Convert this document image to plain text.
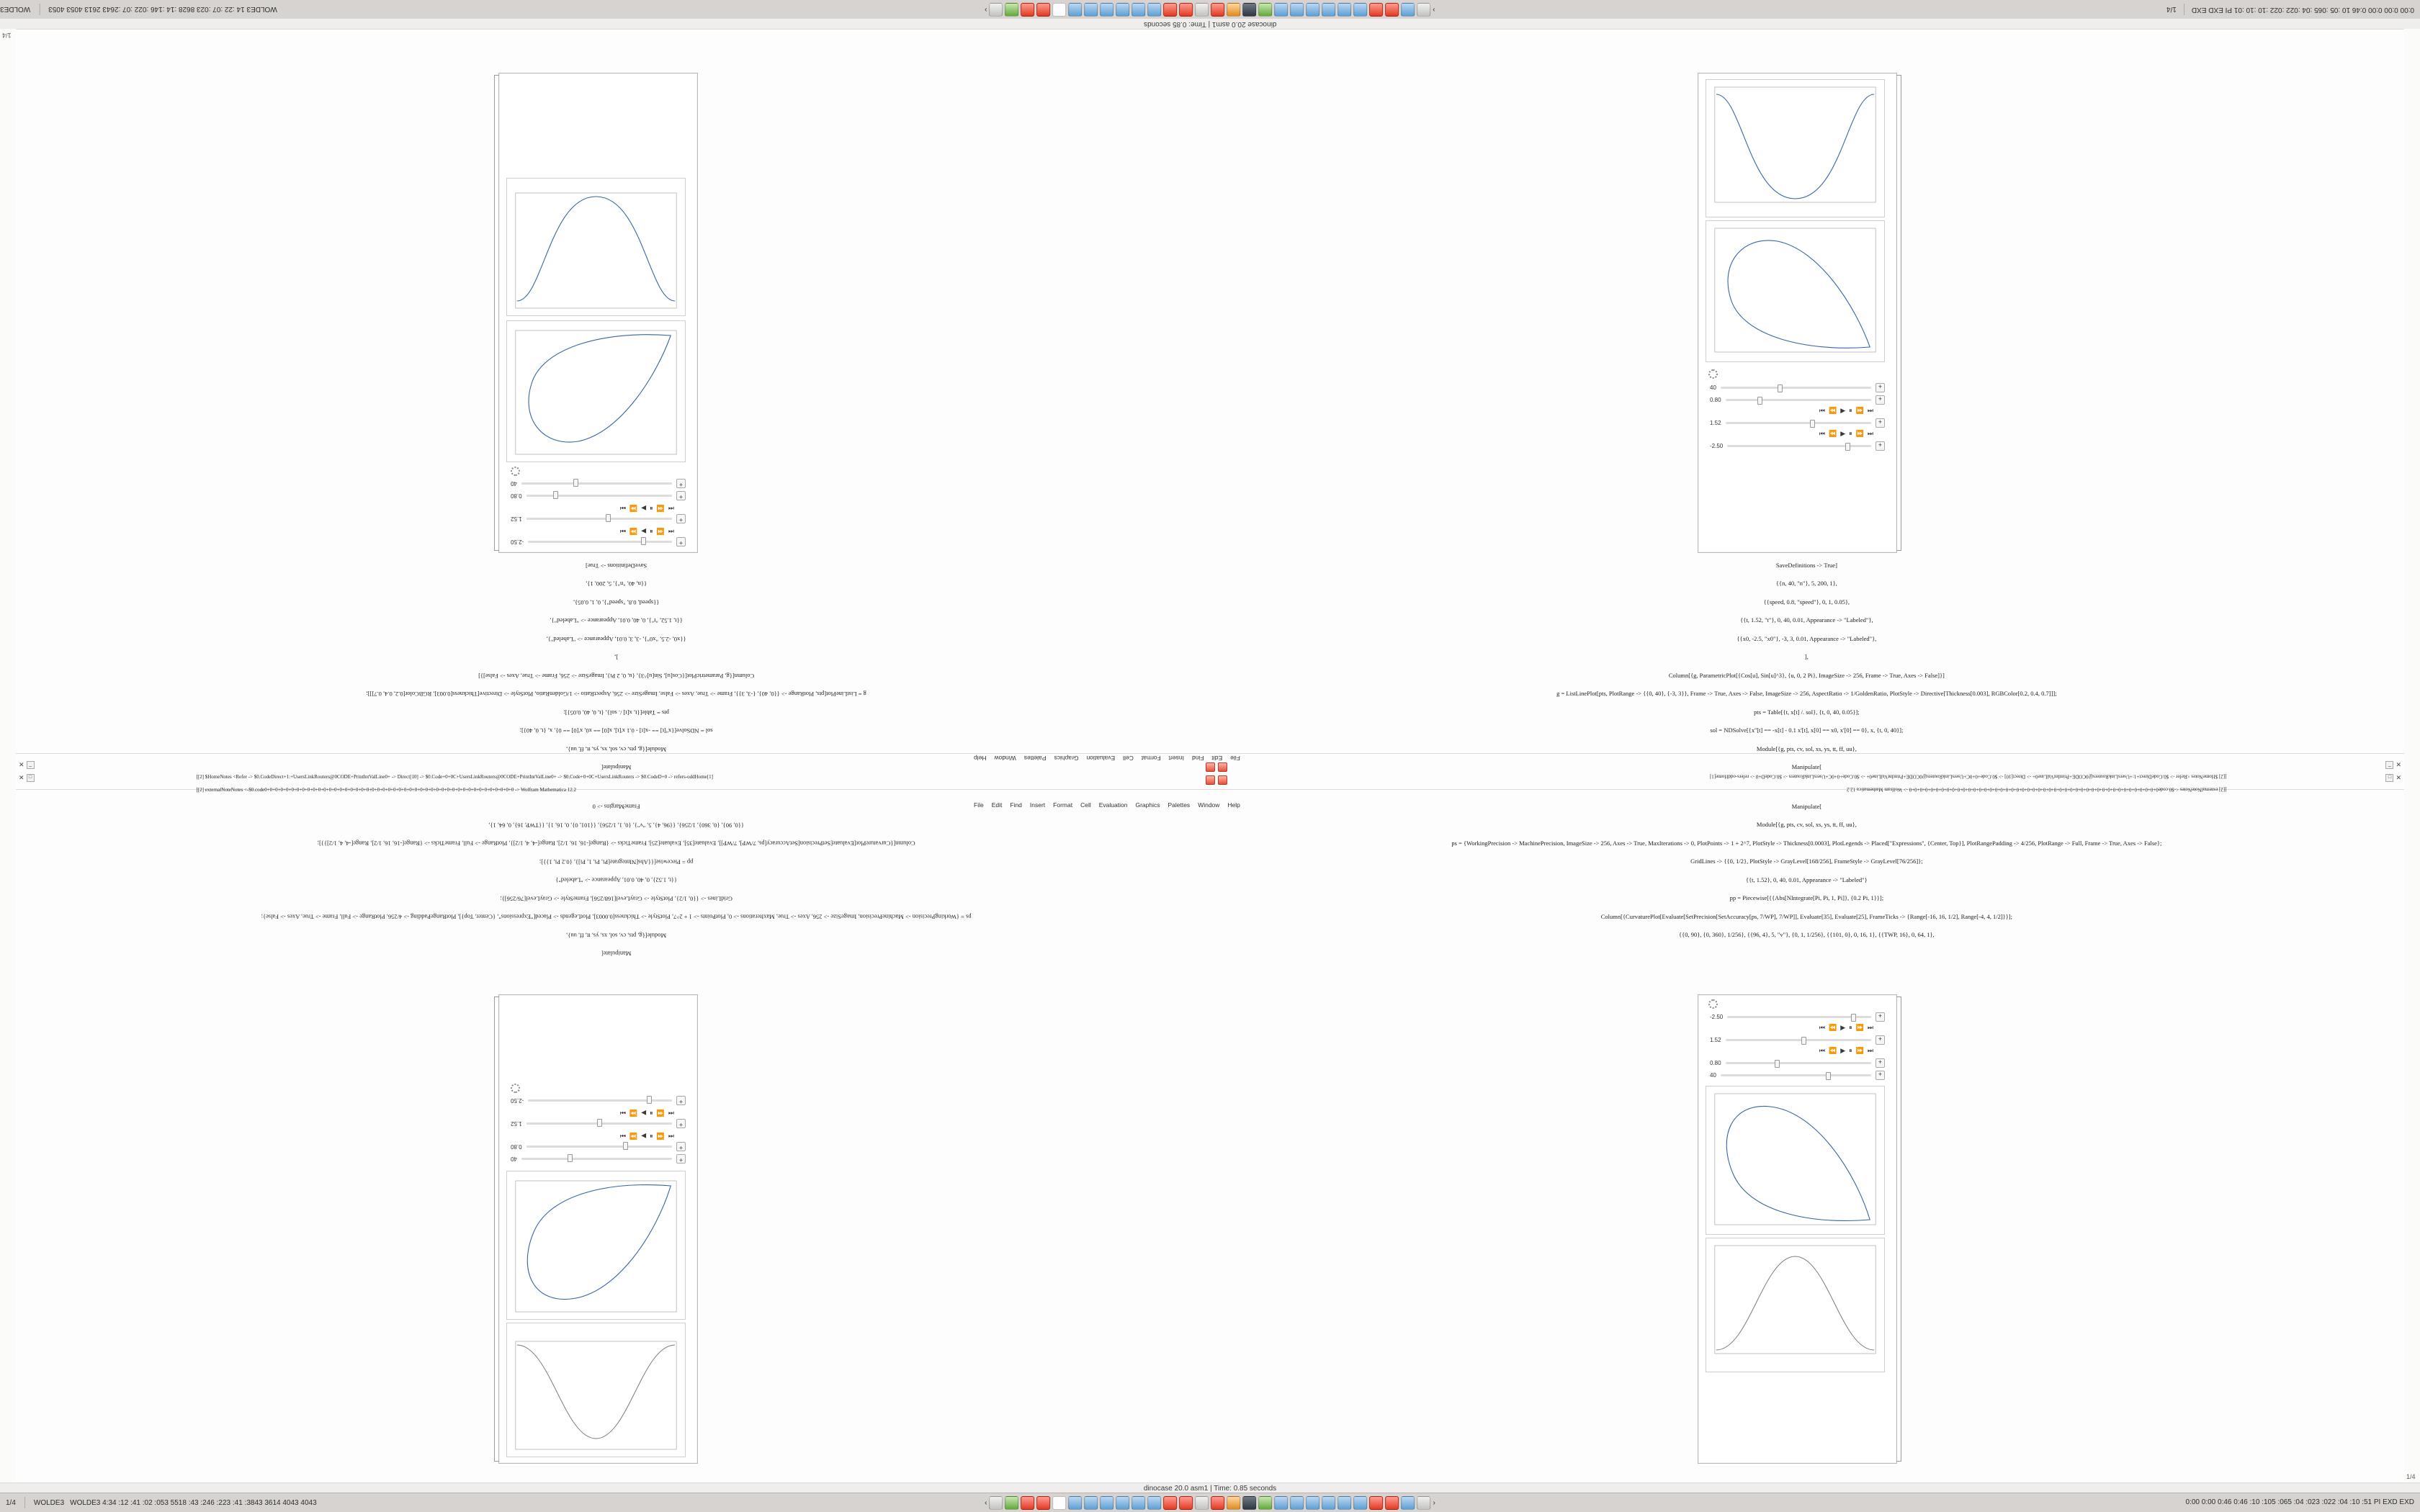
WOLDE3 14 :22 :07 :023 8628 :14 :146 :022 :07 :2643 2613 4053 4053
WOLDE3	‹	›	0:00 0:00 0:00 0:46 10 :05 :065 :04 :022 :022 :10 :10 :01 PI EXD EXD
1/4
dinocase 20.0 asm1 | Time: 0.85 seconds
1/4
1/4
+
-2.50
⏮
⏪
⏸
▶
⏩
⏭
+
1.52
⏮
⏪
⏸
▶
⏩
⏭
+
0.80
+
40
40	+
0.80	+
⏮ ⏪ ▶ ⏸ ⏩ ⏭
1.52	+
⏮ ⏪ ▶ ⏸ ⏩ ⏭
-2.50	+
+
40
+
0.80
⏮
⏪
⏸
▶
⏩
⏭
+
1.52
⏮
⏪
⏸
▶
⏩
⏭
+
-2.50
-2.50	+
⏮ ⏪ ▶ ⏸ ⏩ ⏭
1.52	+
⏮ ⏪ ▶ ⏸ ⏩ ⏭
0.80	+
40	+

Manipulate[

Module[{g, pts, cv, sol, xs, ys, tt, ff, uu},

sol = NDSolve[{x''[t] == -x[t] - 0.1 x'[t], x[0] == x0, x'[0] == 0}, x, {t, 0, 40}];

pts = Table[{t, x[t] /. sol}, {t, 0, 40, 0.05}];

g = ListLinePlot[pts, PlotRange -> {{0, 40}, {-3, 3}}, Frame -> True, Axes -> False, ImageSize -> 256, AspectRatio -> 1/GoldenRatio, PlotStyle -> Directive[Thickness[0.003], RGBColor[0.2, 0.4, 0.7]]];

Column[{g, ParametricPlot[{Cos[u], Sin[u]^3}, {u, 0, 2 Pi}, ImageSize -> 256, Frame -> True, Axes -> False]}]

],

{{x0, -2.5, "x0"}, -3, 3, 0.01, Appearance -> "Labeled"},

{{t, 1.52, "t"}, 0, 40, 0.01, Appearance -> "Labeled"},

{{speed, 0.8, "speed"}, 0, 1, 0.05},

{{n, 40, "n"}, 5, 200, 1},

SaveDefinitions -> True]
	SaveDefinitions -> True]

{{n, 40, "n"}, 5, 200, 1},

{{speed, 0.8, "speed"}, 0, 1, 0.05},

{{t, 1.52, "t"}, 0, 40, 0.01, Appearance -> "Labeled"},

{{x0, -2.5, "x0"}, -3, 3, 0.01, Appearance -> "Labeled"},

],

Column[{g, ParametricPlot[{Cos[u], Sin[u]^3}, {u, 0, 2 Pi}, ImageSize -> 256, Frame -> True, Axes -> False]}]

g = ListLinePlot[pts, PlotRange -> {{0, 40}, {-3, 3}}, Frame -> True, Axes -> False, ImageSize -> 256, AspectRatio -> 1/GoldenRatio, PlotStyle -> Directive[Thickness[0.003], RGBColor[0.2, 0.4, 0.7]]];

pts = Table[{t, x[t] /. sol}, {t, 0, 40, 0.05}];

sol = NDSolve[{x''[t] == -x[t] - 0.1 x'[t], x[0] == x0, x'[0] == 0}, x, {t, 0, 40}];

Module[{g, pts, cv, sol, xs, ys, tt, ff, uu},

Manipulate[

Manipulate[

Module[{g, pts, cv, sol, xs, ys, tt, ff, uu},

ps = {WorkingPrecision -> MachinePrecision, ImageSize -> 256, Axes -> True, MaxIterations -> 0, PlotPoints -> 1 + 2^7, PlotStyle -> Thickness[0.0003], PlotLegends -> Placed["Expressions", {Center, Top}], PlotRangePadding -> 4/256, PlotRange -> Full, Frame -> True, Axes -> False};

GridLines -> {{0, 1/2}, PlotStyle -> GrayLevel[168/256], FrameStyle -> GrayLevel[76/256]};

{{t, 1.52}, 0, 40, 0.01, Appearance -> "Labeled"}

pp = Piecewise[{{Abs[NIntegrate[Pi, Pi, 1, Pi]}, {0.2 Pi, 1}}];

Column[{CurvaturePlot[Evaluate[SetPrecision[SetAccuracy[ps, 7/WP], 7/WP]], Evaluate[35], Evaluate[25], FrameTicks -> {Range[-16, 16, 1/2], Range[-4, 4, 1/2]}, PlotRange -> Full, FrameTicks -> {Range[-16, 16, 1/2], Range[-4, 4, 1/2]}}];

{{0, 90}, {0, 360}, 1/256}, {{96, 4}, 5, "v"}, {0, 1, 1/256}, {{101, 0}, 0, 16, 1}, {{TWP, 16}, 0, 64, 1},

FrameMargins -> 0
	Manipulate[

Module[{g, pts, cv, sol, xs, ys, tt, ff, uu},

ps = {WorkingPrecision -> MachinePrecision, ImageSize -> 256, Axes -> True, MaxIterations -> 0, PlotPoints -> 1 + 2^7, PlotStyle -> Thickness[0.0003], PlotLegends -> Placed["Expressions", {Center, Top}], PlotRangePadding -> 4/256, PlotRange -> Full, Frame -> True, Axes -> False};

GridLines -> {{0, 1/2}, PlotStyle -> GrayLevel[168/256], FrameStyle -> GrayLevel[76/256]};

{{t, 1.52}, 0, 40, 0.01, Appearance -> "Labeled"}

pp = Piecewise[{{Abs[NIntegrate[Pi, Pi, 1, Pi]}, {0.2 Pi, 1}}];

Column[{CurvaturePlot[Evaluate[SetPrecision[SetAccuracy[ps, 7/WP], 7/WP]], Evaluate[35], Evaluate[25], FrameTicks -> {Range[-16, 16, 1/2], Range[-4, 4, 1/2]}}];

{{0, 90}, {0, 360}, 1/256}, {{96, 4}, 5, "v"}, {0, 1, 1/256}, {{101, 0}, 0, 16, 1}, {{TWP, 16}, 0, 64, 1},

File
Edit
Find
Insert
Format
Cell
Evaluation
Graphics
Palettes
Window
Help
File Edit Find Insert Format Cell Evaluation Graphics Palettes Window Help

[[2] $HomeNotes <Refer -> $0.CodeDirect+1:+UsersLinkRouters@0CODE+PrintIntValLine0+ -> Direct[10] -> $0.Code+0+0C+UsersLinkRouters@0CODE+PrintIntValLine0+ -> $0.Code+0+0C+UsersLinkRouters -> $0.CodeD+0 -> refers-oddHome[1]

[[2] externalNoteNotes <-$0.code0+0+0+0+0+0+0+0+0+0+0+0+0+0+0+0+0+0+0+0+0+0+0+0+0+0+0+0+0+0+0+0+0+0+0+0+0+0+0+0+0+0+0+0+0+0+0 -> Wolfram Mathematica 12.2

[[2] $HomeNotes <Refer -> $0.CodeDirect+1:+UsersLinkRouters@0CODE+PrintIntValLine0+ -> Direct[10] -> $0.Code+0+0C+UsersLinkRouters@0CODE+PrintIntValLine0+ -> $0.Code+0+0C+UsersLinkRouters -> $0.CodeD+0 -> refers-oddHome[1]

[[2] externalNoteNotes <-$0.code0+0+0+0+0+0+0+0+0+0+0+0+0+0+0+0+0+0+0+0+0+0+0+0+0+0+0+0+0+0+0+0+0+0+0+0+0+0+0+0+0+0+0+0+0+0+0 -> Wolfram Mathematica 12.2

✕ _
✕ □
_ ✕
□ ✕
dinocase 20.0 asm1 | Time: 0.85 seconds
1/4	WOLDE3 WOLDE3 4:34 :12 :41 :02 :053 5518 :43 :246 :223 :41 :3843 3614 4043 4043	‹	›	0:00 0:00 0:46 0:46 :10 :105 :065 :04 :023 :022 :04 :10 :51 PI EXD EXD
